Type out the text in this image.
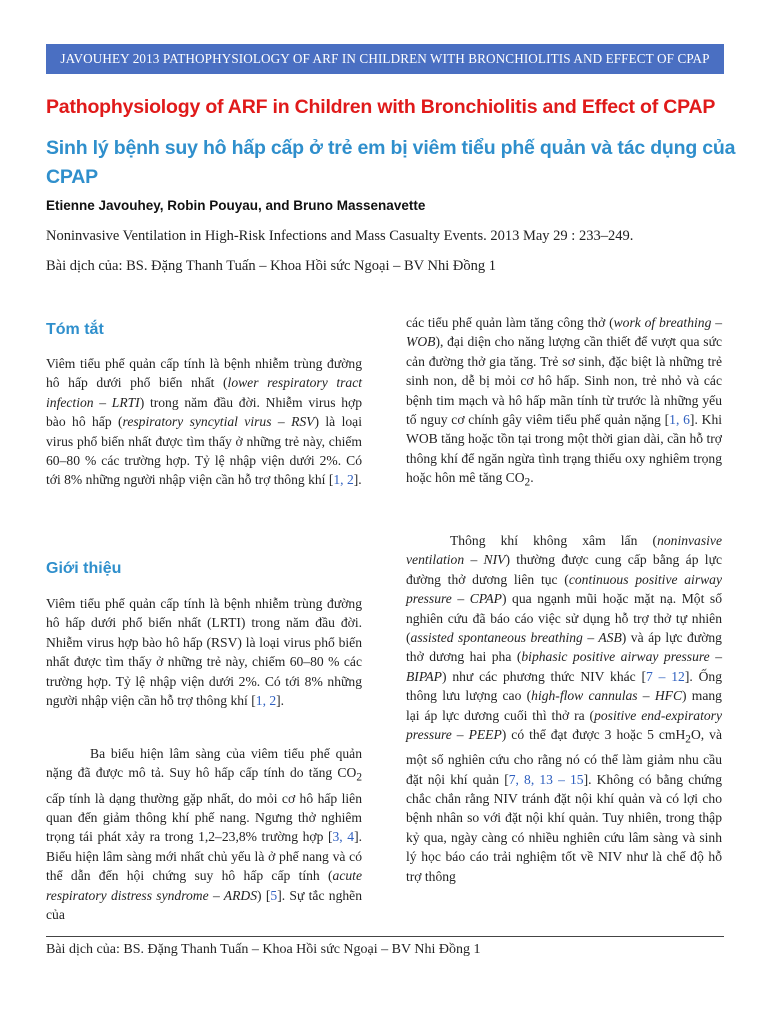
JAVOUHEY 2013 PATHOPHYSIOLOGY OF ARF IN CHILDREN WITH BRONCHIOLITIS AND EFFECT OF CPAP
Pathophysiology of ARF in Children with Bronchiolitis and Effect of CPAP
Sinh lý bệnh suy hô hấp cấp ở trẻ em bị viêm tiểu phế quản và tác dụng của CPAP
Etienne Javouhey, Robin Pouyau, and Bruno Massenavette
Noninvasive Ventilation in High-Risk Infections and Mass Casualty Events. 2013 May 29 : 233–249.
Bài dịch của: BS. Đặng Thanh Tuấn – Khoa Hồi sức Ngoại – BV Nhi Đồng 1
Tóm tắt

Viêm tiểu phế quản cấp tính là bệnh nhiễm trùng đường hô hấp dưới phổ biến nhất (lower respiratory tract infection – LRTI) trong năm đầu đời. Nhiễm virus hợp bào hô hấp (respiratory syncytial virus – RSV) là loại virus phổ biến nhất được tìm thấy ở những trẻ này, chiếm 60–80 % các trường hợp. Tỷ lệ nhập viện dưới 2%. Có tới 8% những người nhập viện cần hỗ trợ thông khí [1, 2].

Giới thiệu

Viêm tiểu phế quản cấp tính là bệnh nhiễm trùng đường hô hấp dưới phổ biến nhất (LRTI) trong năm đầu đời. Nhiễm virus hợp bào hô hấp (RSV) là loại virus phổ biến nhất được tìm thấy ở những trẻ này, chiếm 60–80 % các trường hợp. Tỷ lệ nhập viện dưới 2%. Có tới 8% những người nhập viện cần hỗ trợ thông khí [1, 2].

Ba biểu hiện lâm sàng của viêm tiểu phế quản nặng đã được mô tả. Suy hô hấp cấp tính do tăng $CO_2$ cấp tính là dạng thường gặp nhất, do mỏi cơ hô hấp liên quan đến giảm thông khí phế nang. Ngưng thở nghiêm trọng tái phát xảy ra trong 1,2–23,8% trường hợp [3, 4]. Biểu hiện lâm sàng mới nhất chủ yếu là ở phế nang và có thể dẫn đến hội chứng suy hô hấp cấp tính (acute respiratory distress syndrome – ARDS) [5]. Sự tắc nghẽn của

các tiểu phế quản làm tăng công thở (work of breathing – WOB), đại diện cho năng lượng cần thiết để vượt qua sức cản đường thở gia tăng. Trẻ sơ sinh, đặc biệt là những trẻ sinh non, dễ bị mỏi cơ hô hấp. Sinh non, trẻ nhỏ và các bệnh tim mạch và hô hấp mãn tính từ trước là những yếu tố nguy cơ chính gây viêm tiểu phế quản nặng [1, 6]. Khi WOB tăng hoặc tồn tại trong một thời gian dài, cần hỗ trợ thông khí để ngăn ngừa tình trạng thiếu oxy nghiêm trọng hoặc hôn mê tăng $CO_2$.

Thông khí không xâm lấn (noninvasive ventilation – NIV) thường được cung cấp bằng áp lực đường thở dương liên tục (continuous positive airway pressure – CPAP) qua ngạnh mũi hoặc mặt nạ. Một số nghiên cứu đã báo cáo việc sử dụng hỗ trợ thở tự nhiên (assisted spontaneous breathing – ASB) và áp lực đường thở dương hai pha (biphasic positive airway pressure – BIPAP) như các phương thức NIV khác [7 – 12]. Ống thông lưu lượng cao (high-flow cannulas – HFC) mang lại áp lực dương cuối thì thở ra (positive end-expiratory pressure – PEEP) có thể đạt được 3 hoặc 5 cmH$_2$O, và một số nghiên cứu cho rằng nó có thể làm giảm nhu cầu đặt nội khí quản [7, 8, 13 – 15]. Không có bằng chứng chắc chắn rằng NIV tránh đặt nội khí quản và có lợi cho bệnh nhân so với đặt nội khí quản. Tuy nhiên, trong thập kỷ qua, ngày càng có nhiều nghiên cứu lâm sàng và sinh lý học báo cáo trải nghiệm tốt về NIV như là chế độ hỗ trợ thông

Bài dịch của: BS. Đặng Thanh Tuấn – Khoa Hồi sức Ngoại – BV Nhi Đồng 1
